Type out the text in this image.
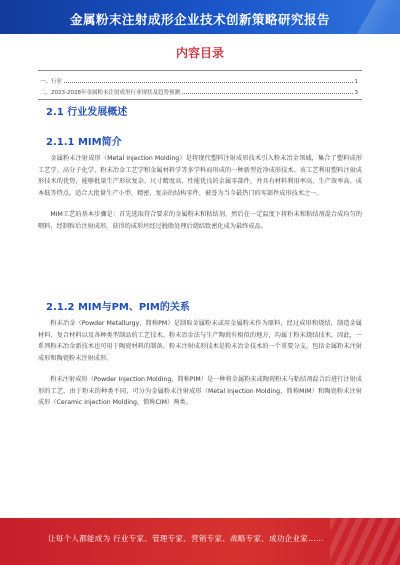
金属粉末注射成形企业技术创新策略研究报告
内容目录
一、行业	1
二、2023-2028年金属粉末注射成形行业现状及趋势预测	3
2.1 行业发展概述
2.1.1 MIM简介

金属粉末注射成形（Metal Injection Molding）是将现代塑料注射成形技术引入粉末冶金领域，集合了塑料成形工艺学、高分子化学、粉末冶金工艺学和金属材料学等多学科而形成的一种新型近净成形技术。该工艺利用塑料注射成形技术的优势，能够批量生产形状复杂、尺寸精度高、性能优良的金属零部件，并具有材料利用率高、生产效率高、成本低等特点，适合大批量生产小型、精密、复杂的结构零件，被誉为当今最热门的零部件成形技术之一。

MIM工艺的基本步骤是：首先选取符合要求的金属粉末和粘结剂，然后在一定温度下将粉末和粘结剂混合成均匀的喂料，经制粒后注射成形，获得的成形坯经过脱脂处理后烧结致密化成为最终成品。

2.1.2 MIM与PM、PIM的关系

粉末冶金（Powder Metallurgy，简称PM）是制取金属粉末或用金属粉末作为原料，经过成形和烧结，制造金属材料、复合材料以及各种类型制品的工艺技术。粉末冶金法与生产陶瓷有相似的地方，均属于粉末烧结技术，因此，一系列粉末冶金新技术也可用于陶瓷材料的制备。粉末注射成形技术是粉末冶金技术的一个重要分支，包括金属粉末注射成形和陶瓷粉末注射成形。

粉末注射成形（Powder Injection Molding，简称PIM）是一种将金属粉末或陶瓷粉末与粘结剂混合后进行注射成形的工艺，由于粉末的种类不同，可分为金属粉末注射成形（Metal Injection Molding，简称MIM）和陶瓷粉末注射成形（Ceramic Injection Molding，简称CIM）两类。

让每个人都能成为 行业专家、管理专家、营销专家、战略专家、成功企业家……
